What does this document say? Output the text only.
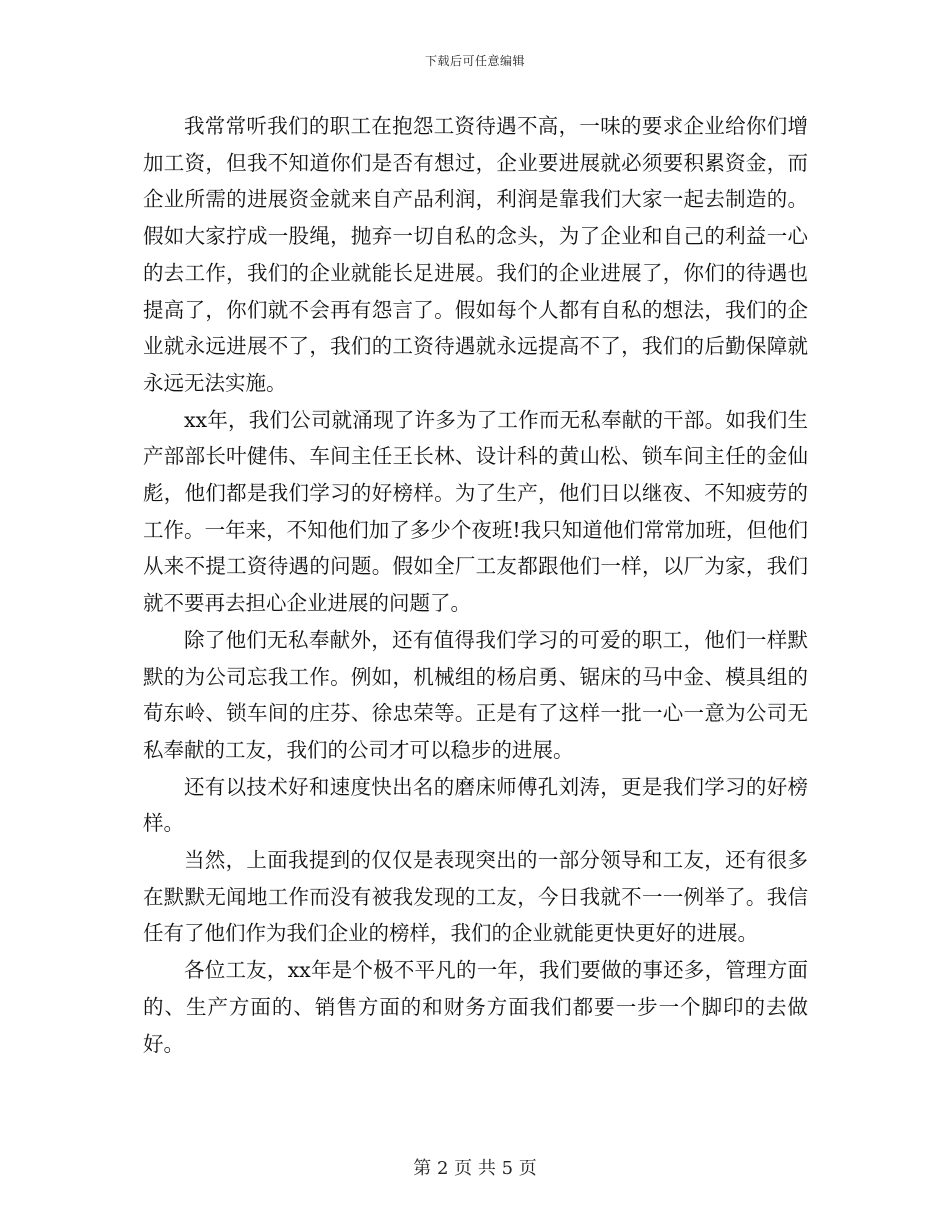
下载后可任意编辑

我常常听我们的职工在抱怨工资待遇不高，一味的要求企业给你们增加工资，但我不知道你们是否有想过，企业要进展就必须要积累资金，而企业所需的进展资金就来自产品利润，利润是靠我们大家一起去制造的。假如大家拧成一股绳，抛弃一切自私的念头，为了企业和自己的利益一心的去工作，我们的企业就能长足进展。我们的企业进展了，你们的待遇也提高了，你们就不会再有怨言了。假如每个人都有自私的想法，我们的企业就永远进展不了，我们的工资待遇就永远提高不了，我们的后勤保障就永远无法实施。

xx年，我们公司就涌现了许多为了工作而无私奉献的干部。如我们生产部部长叶健伟、车间主任王长林、设计科的黄山松、锁车间主任的金仙彪，他们都是我们学习的好榜样。为了生产，他们日以继夜、不知疲劳的工作。一年来，不知他们加了多少个夜班!我只知道他们常常加班，但他们从来不提工资待遇的问题。假如全厂工友都跟他们一样，以厂为家，我们就不要再去担心企业进展的问题了。

除了他们无私奉献外，还有值得我们学习的可爱的职工，他们一样默默的为公司忘我工作。例如，机械组的杨启勇、锯床的马中金、模具组的荀东岭、锁车间的庄芬、徐忠荣等。正是有了这样一批一心一意为公司无私奉献的工友，我们的公司才可以稳步的进展。

还有以技术好和速度快出名的磨床师傅孔刘涛，更是我们学习的好榜样。

当然，上面我提到的仅仅是表现突出的一部分领导和工友，还有很多在默默无闻地工作而没有被我发现的工友，今日我就不一一例举了。我信任有了他们作为我们企业的榜样，我们的企业就能更快更好的进展。

各位工友，xx年是个极不平凡的一年，我们要做的事还多，管理方面的、生产方面的、销售方面的和财务方面我们都要一步一个脚印的去做好。

第 2 页 共 5 页
